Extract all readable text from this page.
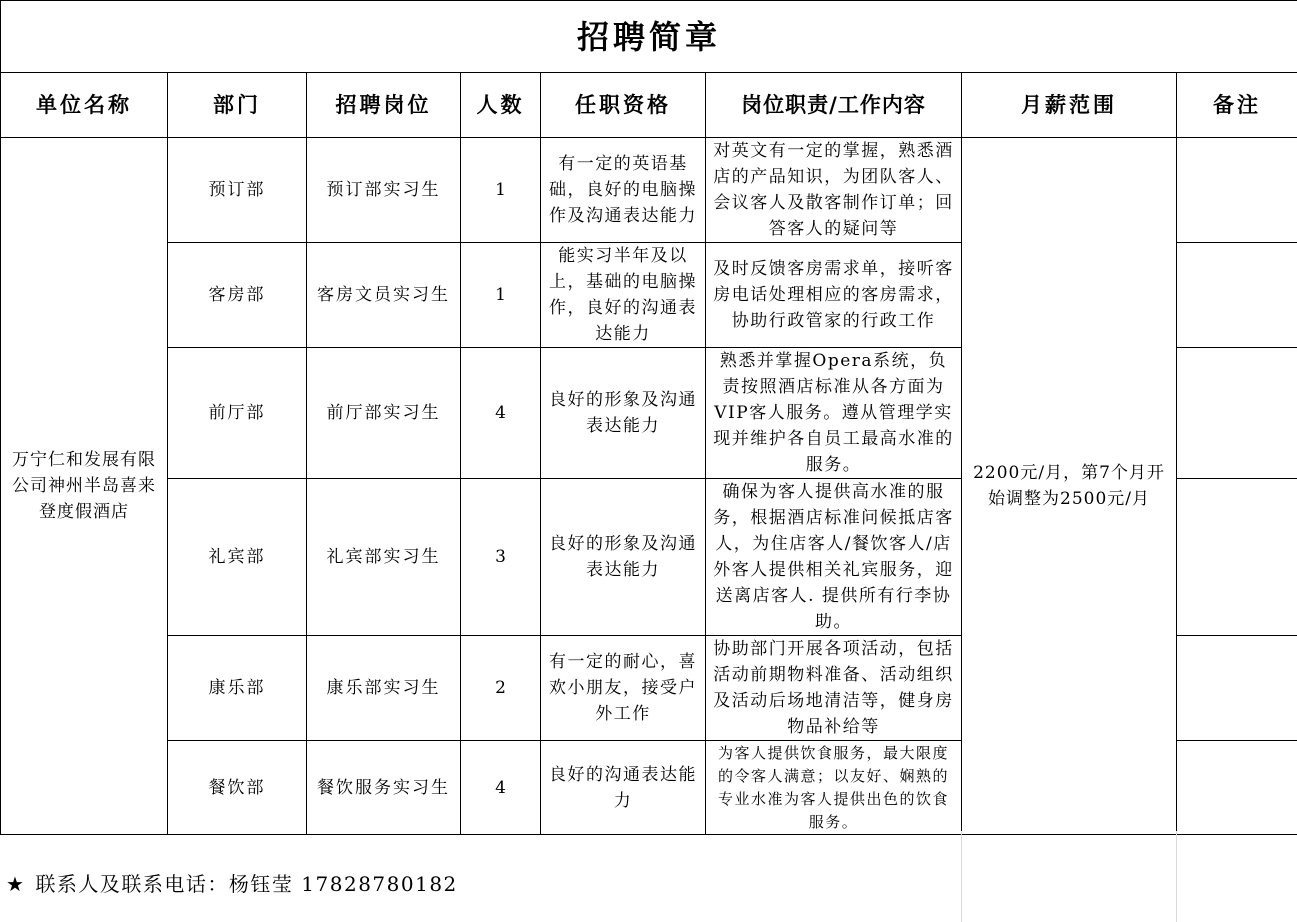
招聘简章							
单位名称	部门	招聘岗位	人数	任职资格	岗位职责/工作内容	月薪范围	备注
万宁仁和发展有限公司神州半岛喜来登度假酒店	预订部	预订部实习生	1	有一定的英语基础，良好的电脑操作及沟通表达能力	对英文有一定的掌握，熟悉酒店的产品知识，为团队客人、会议客人及散客制作订单；回答客人的疑问等	2200元/月，第7个月开始调整为2500元/月	
	客房部	客房文员实习生	1	能实习半年及以上，基础的电脑操作，良好的沟通表达能力	及时反馈客房需求单，接听客房电话处理相应的客房需求，协助行政管家的行政工作		
	前厅部	前厅部实习生	4	良好的形象及沟通表达能力	熟悉并掌握Opera系统，负责按照酒店标准从各方面为VIP客人服务。遵从管理学实现并维护各自员工最高水准的服务。		
	礼宾部	礼宾部实习生	3	良好的形象及沟通表达能力	确保为客人提供高水准的服务，根据酒店标准问候抵店客人，为住店客人/餐饮客人/店外客人提供相关礼宾服务，迎送离店客人. 提供所有行李协助。		
	康乐部	康乐部实习生	2	有一定的耐心，喜欢小朋友，接受户外工作	协助部门开展各项活动，包括活动前期物料准备、活动组织及活动后场地清洁等，健身房物品补给等		
	餐饮部	餐饮服务实习生	4	良好的沟通表达能力	为客人提供饮食服务，最大限度的令客人满意；以友好、娴熟的专业水准为客人提供出色的饮食服务。		
★ 联系人及联系电话：杨钰莹 17828780182
